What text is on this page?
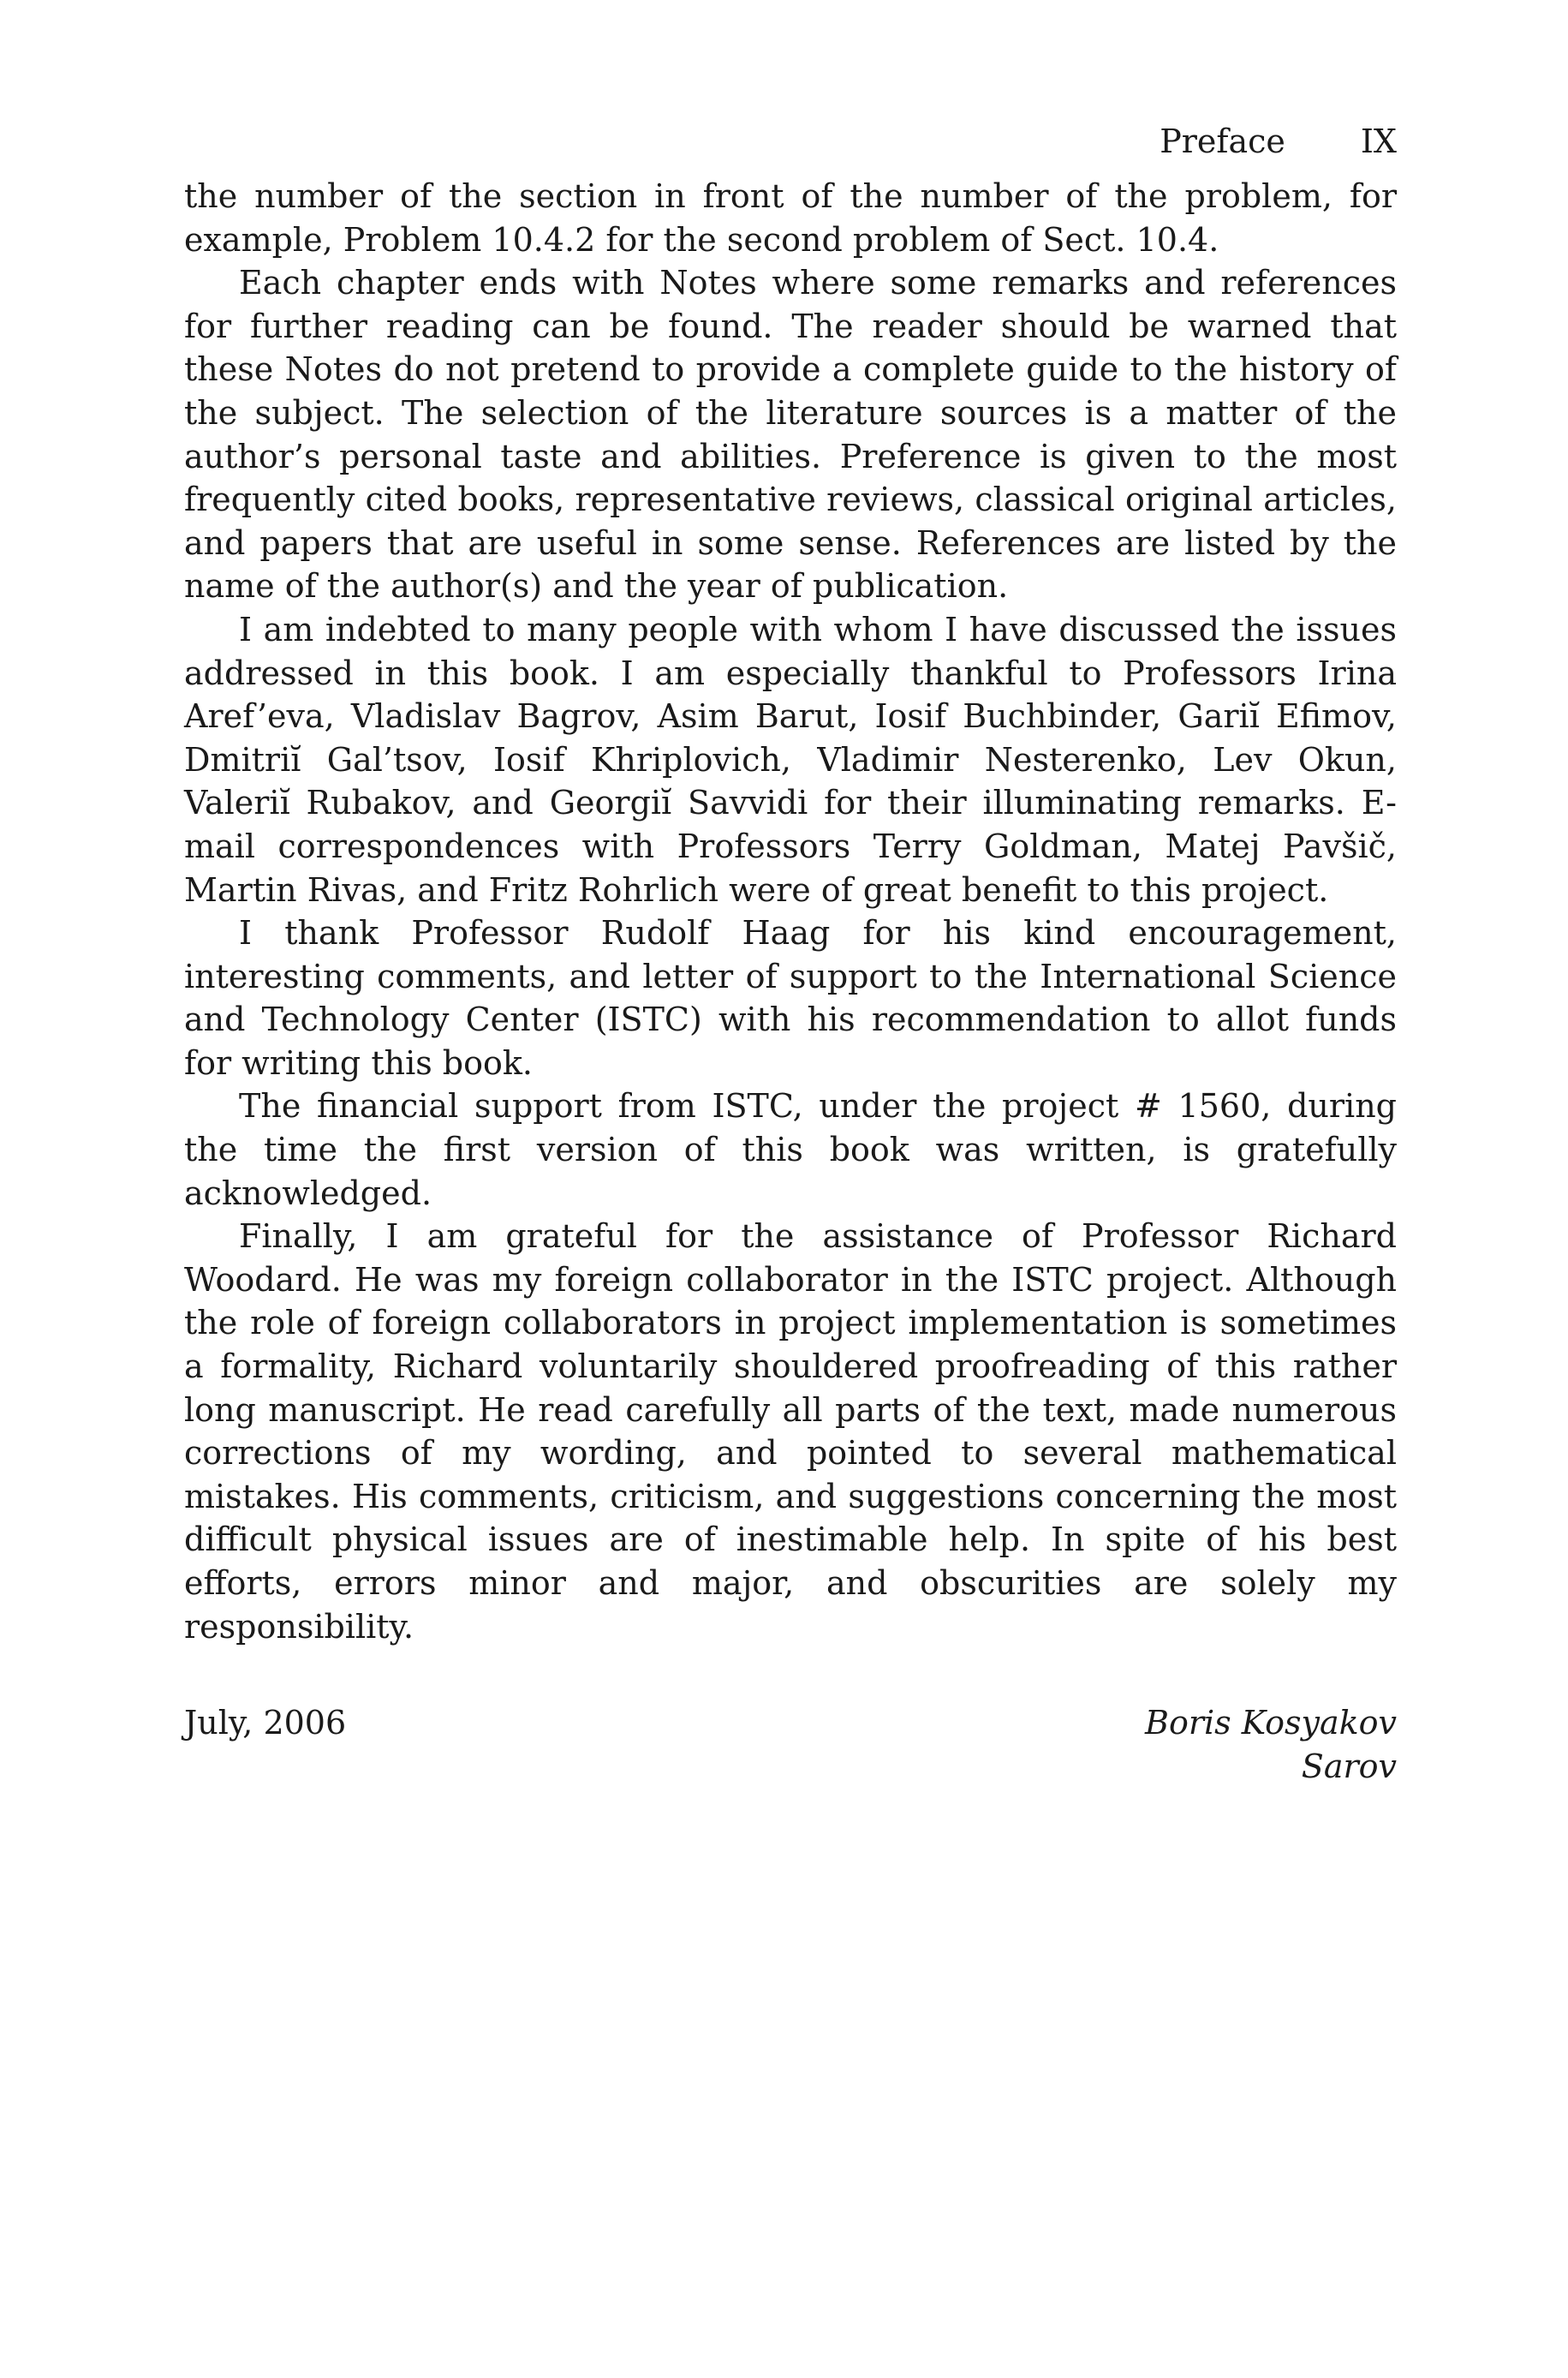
Preface IX

the number of the section in front of the number of the problem, for example, Problem 10.4.2 for the second problem of Sect. 10.4.

Each chapter ends with Notes where some remarks and references for further reading can be found. The reader should be warned that these Notes do not pretend to provide a complete guide to the history of the subject. The selection of the literature sources is a matter of the author’s personal taste and abilities. Preference is given to the most frequently cited books, representative reviews, classical original articles, and papers that are useful in some sense. References are listed by the name of the author(s) and the year of publication.

I am indebted to many people with whom I have discussed the issues addressed in this book. I am especially thankful to Professors Irina Aref’eva, Vladislav Bagrov, Asim Barut, Iosif Buchbinder, Gariĭ Efimov, Dmitriĭ Gal’tsov, Iosif Khriplovich, Vladimir Nesterenko, Lev Okun, Valeriĭ Rubakov, and Georgiĭ Savvidi for their illuminating remarks. E-mail correspondences with Professors Terry Goldman, Matej Pavšič, Martin Rivas, and Fritz Rohrlich were of great benefit to this project.

I thank Professor Rudolf Haag for his kind encouragement, interesting comments, and letter of support to the International Science and Technology Center (ISTC) with his recommendation to allot funds for writing this book.

The financial support from ISTC, under the project # 1560, during the time the first version of this book was written, is gratefully acknowledged.

Finally, I am grateful for the assistance of Professor Richard Woodard. He was my foreign collaborator in the ISTC project. Although the role of foreign collaborators in project implementation is sometimes a formality, Richard voluntarily shouldered proofreading of this rather long manuscript. He read carefully all parts of the text, made numerous corrections of my wording, and pointed to several mathematical mistakes. His comments, criticism, and suggestions concerning the most difficult physical issues are of inestimable help. In spite of his best efforts, errors minor and major, and obscurities are solely my responsibility.

July, 2006	Boris Kosyakov
Sarov
